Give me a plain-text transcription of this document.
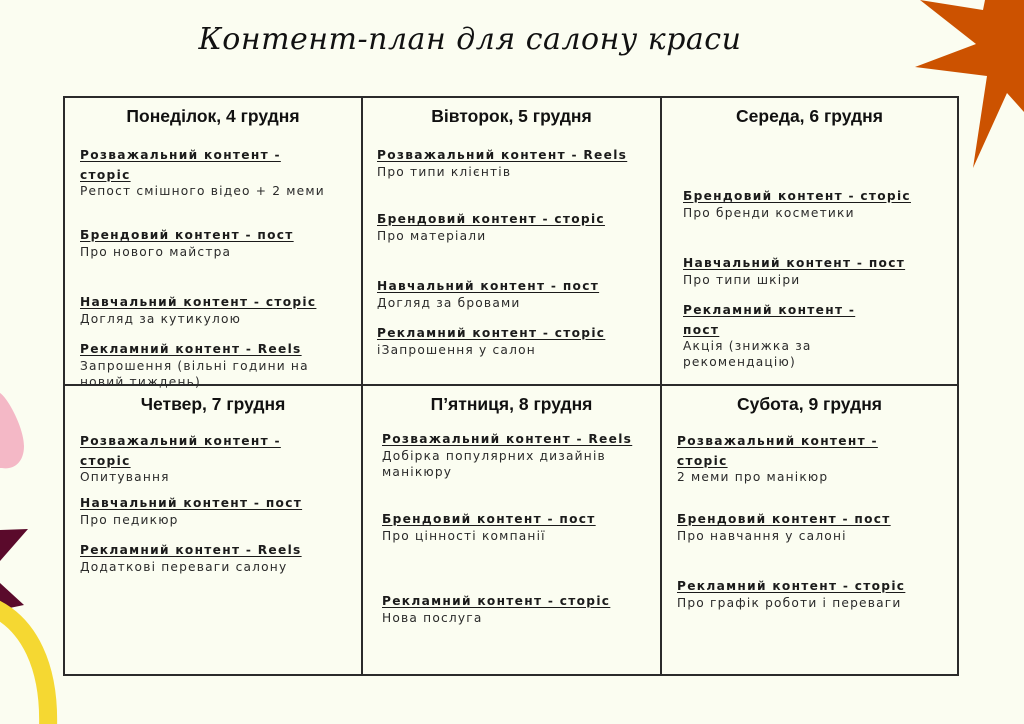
Контент-план для салону краси
Понеділок, 4 грудня
Розважальний контент - сторіс
Репост смішного відео + 2 меми
Брендовий контент - пост
Про нового майстра
Навчальний контент - сторіс
Догляд за кутикулою
Рекламний контент - Reels
Запрошення (вільні години на новий тиждень)
Вівторок, 5 грудня
Розважальний контент - Reels
Про типи клієнтів
Брендовий контент - сторіс
Про матеріали
Навчальний контент - пост
Догляд за бровами
Рекламний контент - сторіс
іЗапрошення у салон
Середа, 6 грудня
Брендовий контент - сторіс
Про бренди косметики
Навчальний контент - пост
Про типи шкіри
Рекламний контент - пост
Акція (знижка за рекомендацію)
Четвер, 7 грудня
Розважальний контент - сторіс
Опитування
Навчальний контент - пост
Про педикюр
Рекламний контент - Reels
Додаткові переваги салону
П’ятниця, 8 грудня
Розважальний контент - Reels
Добірка популярних дизайнів манікюру
Брендовий контент - пост
Про цінності компанії
Рекламний контент - сторіс
Нова послуга
Субота, 9 грудня
Розважальний контент - сторіс
2 меми про манікюр
Брендовий контент - пост
Про навчання у салоні
Рекламний контент - сторіс
Про графік роботи і переваги
